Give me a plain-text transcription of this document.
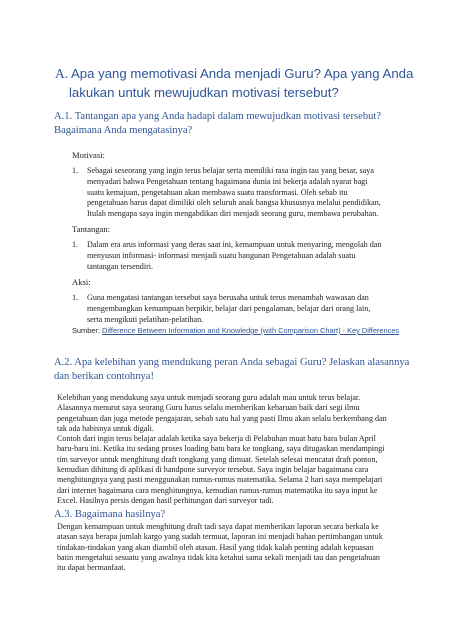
A. Apa yang memotivasi Anda menjadi Guru? Apa yang Anda
lakukan untuk mewujudkan motivasi tersebut?
A.1. Tantangan apa yang Anda hadapi dalam mewujudkan motivasi tersebut?
Bagaimana Anda mengatasinya?
Motivasi:
1. Sebagai seseorang yang ingin terus belajar serta memiliki rasa ingin tau yang besar, saya
menyadari bahwa Pengetahuan tentang bagaimana dunia ini bekerja adalah syarat bagi
suatu kemajuan, pengetahuan akan membawa suatu transformasi. Oleh sebab itu
pengetahuan harus dapat dimiliki oleh seluruh anak bangsa khususnya melalui pendidikan,
Itulah mengapa saya ingin mengabdikan diri menjadi seorang guru, membawa perubahan.
Tantangan:
1. Dalam era arus informasi yang deras saat ini, kemampuan untuk menyaring, mengolah dan
menyusun informasi- informasi menjadi suatu bangunan Pengetahuan adalah suatu
tantangan tersendiri.
Aksi:
1. Guna mengatasi tantangan tersebut saya berusaha untuk terus menambah wawasan dan
mengembangkan kemampuan berpikir, belajar dari pengalaman, belajar dari orang lain,
serta mengikuti pelatihan-pelatihan.
Sumber: Difference Between Information and Knowledge (with Comparison Chart) - Key Differences
A.2. Apa kelebihan yang mendukung peran Anda sebagai Guru? Jelaskan alasannya
dan berikan contohnya!
Kelebihan yang mendukung saya untuk menjadi seorang guru adalah mau untuk terus belajar.
Alasannya menurut saya seorang Guru harus selalu memberikan kebaruan baik dari segi ilmu
pengetahuan dan juga metode pengajaran, sebab satu hal yang pasti Ilmu akan selalu berkembang dan
tak ada habisnya untuk digali.
Contoh dari ingin terus belajar adalah ketika saya bekerja di Pelabuhan muat batu bara bulan April
baru-baru ini. Ketika itu sedang proses loading batu bara ke tongkang, saya ditugaskan mendampingi
tim surveyor untuk menghitung draft tongkang yang dimuat. Setelah selesai mencatat draft ponton,
kemudian dihitung di aplikasi di handpone surveyor tersebut. Saya ingin belajar bagaimana cara
menghitungnya yang pasti menggunakan rumus-rumus matematika. Selama 2 hari saya mempelajari
dari internet bagaimana cara menghitungnya, kemudian rumus-rumus matematika itu saya input ke
Excel. Hasilnya persis dengan hasil perhitungan dari surveyor tadi.
A.3. Bagaimana hasilnya?
Dengan kemampuan untuk menghitung draft tadi saya dapat memberikan laporan secara berkala ke
atasan saya berapa jumlah kargo yang sudah termuat, laporan ini menjadi bahan pertimbangan untuk
tindakan-tindakan yang akan diambil oleh atasan. Hasil yang tidak kalah penting adalah kepuasan
batin mengetahui sesuatu yang awalnya tidak kita ketahui sama sekali menjadi tau dan pengetahuan
itu dapat bermanfaat.
